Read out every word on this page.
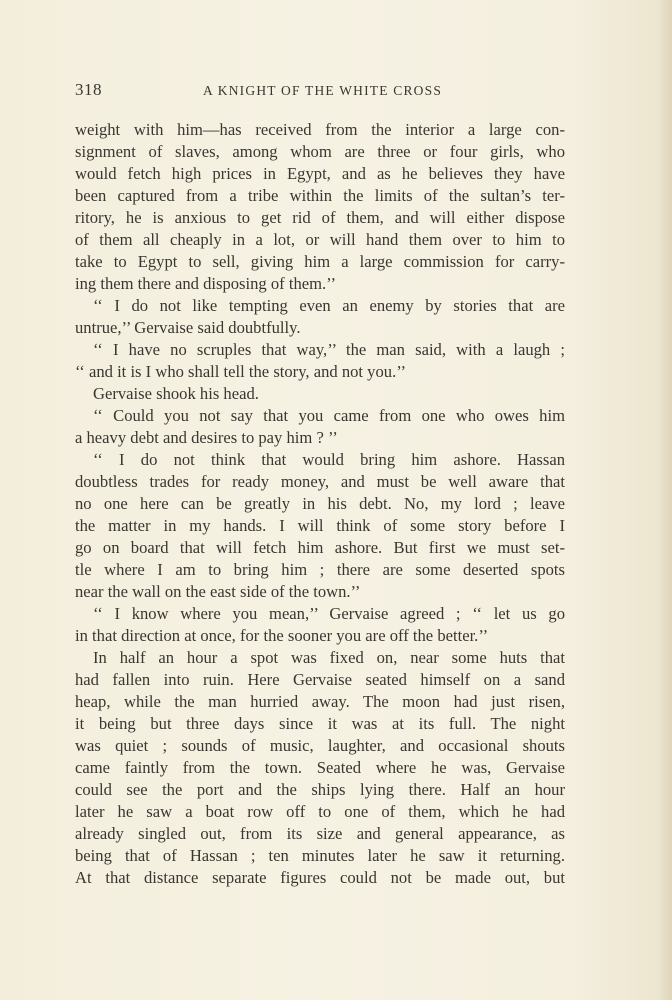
318	A KNIGHT OF THE WHITE CROSS
weight with him—has received from the interior a large con-
signment of slaves, among whom are three or four girls, who
would fetch high prices in Egypt, and as he believes they have
been captured from a tribe within the limits of the sultan’s ter-
ritory, he is anxious to get rid of them, and will either dispose
of them all cheaply in a lot, or will hand them over to him to
take to Egypt to sell, giving him a large commission for carry-
ing them there and disposing of them.’’
‘‘ I do not like tempting even an enemy by stories that are
untrue,’’ Gervaise said doubtfully.
‘‘ I have no scruples that way,’’ the man said, with a laugh ;
‘‘ and it is I who shall tell the story, and not you.’’
Gervaise shook his head.
‘‘ Could you not say that you came from one who owes him
a heavy debt and desires to pay him ? ’’
‘‘ I do not think that would bring him ashore. Hassan
doubtless trades for ready money, and must be well aware that
no one here can be greatly in his debt. No, my lord ; leave
the matter in my hands. I will think of some story before I
go on board that will fetch him ashore. But first we must set-
tle where I am to bring him ; there are some deserted spots
near the wall on the east side of the town.’’
‘‘ I know where you mean,’’ Gervaise agreed ; ‘‘ let us go
in that direction at once, for the sooner you are off the better.’’
In half an hour a spot was fixed on, near some huts that
had fallen into ruin. Here Gervaise seated himself on a sand
heap, while the man hurried away. The moon had just risen,
it being but three days since it was at its full. The night
was quiet ; sounds of music, laughter, and occasional shouts
came faintly from the town. Seated where he was, Gervaise
could see the port and the ships lying there. Half an hour
later he saw a boat row off to one of them, which he had
already singled out, from its size and general appearance, as
being that of Hassan ; ten minutes later he saw it returning.
At that distance separate figures could not be made out, but
